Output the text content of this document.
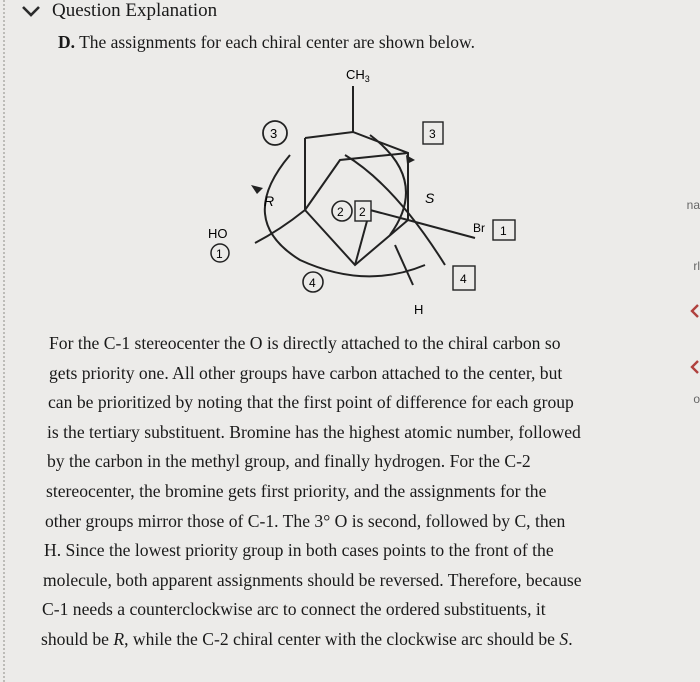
Question Explanation
D. The assignments for each chiral center are shown below.
$CH_3$
HO
1
3
R
2 2
3
S
Br 1
4	4
H
For the C-1 stereocenter the O is directly attached to the chiral carbon so
gets priority one. All other groups have carbon attached to the center, but
can be prioritized by noting that the first point of difference for each group
is the tertiary substituent. Bromine has the highest atomic number, followed
by the carbon in the methyl group, and finally hydrogen. For the C-2
stereocenter, the bromine gets first priority, and the assignments for the
other groups mirror those of C-1. The 3° O is second, followed by C, then
H. Since the lowest priority group in both cases points to the front of the
molecule, both apparent assignments should be reversed. Therefore, because
C-1 needs a counterclockwise arc to connect the ordered substituents, it
should be R, while the C-2 chiral center with the clockwise arc should be S.
na
rl
o
